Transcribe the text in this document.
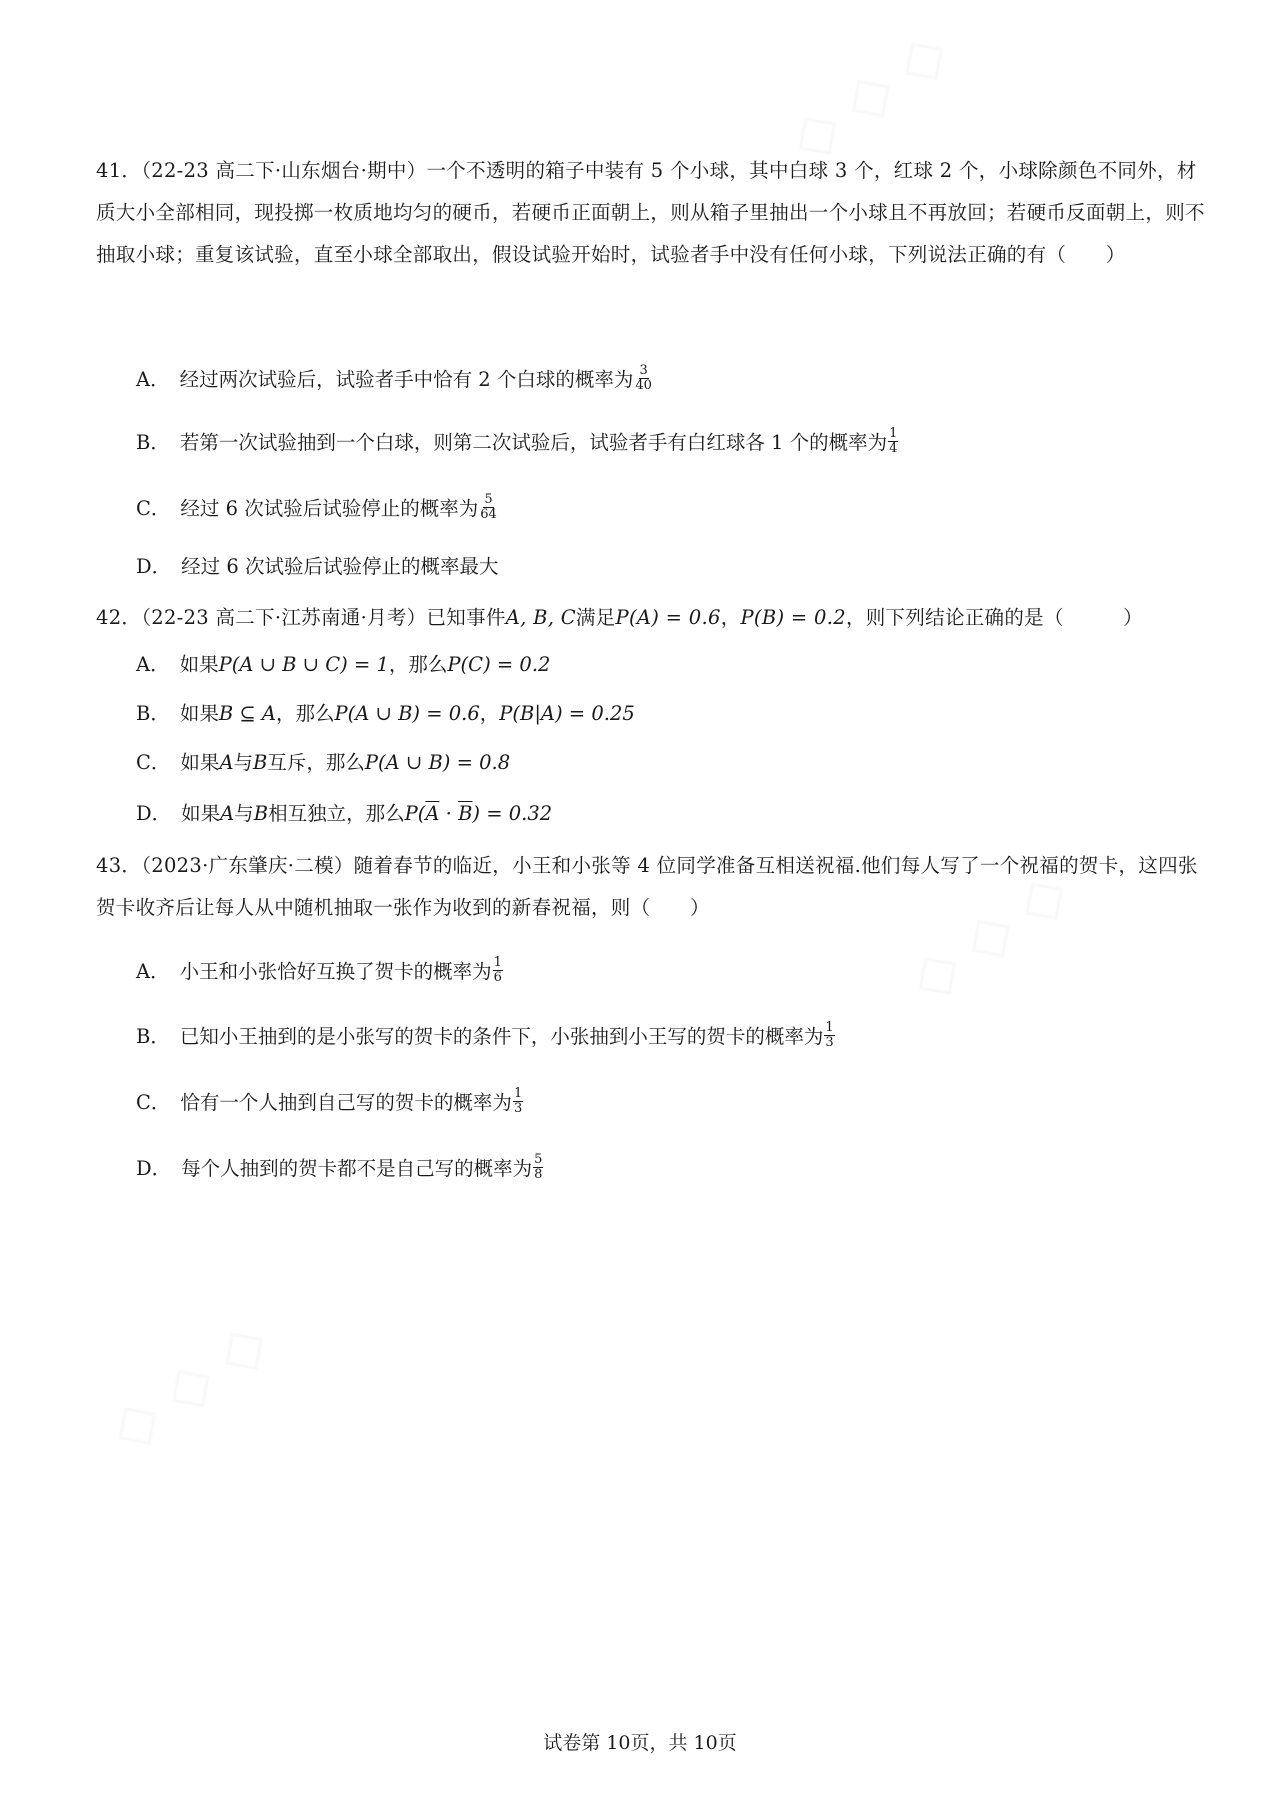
◇ ◇ ◇
◇ ◇ ◇
◇ ◇ ◇
41．（22-23 高二下·山东烟台·期中）一个不透明的箱子中装有 5 个小球，其中白球 3 个，红球 2 个，小球除颜色不同外，材质大小全部相同，现投掷一枚质地均匀的硬币，若硬币正面朝上，则从箱子里抽出一个小球且不再放回；若硬币反面朝上，则不抽取小球；重复该试验，直至小球全部取出，假设试验开始时，试验者手中没有任何小球，下列说法正确的有（　　）
A． 经过两次试验后，试验者手中恰有 2 个白球的概率为 $\frac{3}{40}$
B． 若第一次试验抽到一个白球，则第二次试验后，试验者手有白红球各 1 个的概率为 $\frac{1}{4}$
C． 经过 6 次试验后试验停止的概率为 $\frac{5}{64}$
D． 经过 6 次试验后试验停止的概率最大
42．（22-23 高二下·江苏南通·月考）已知事件A, B, C满足P(A) = 0.6，P(B) = 0.2，则下列结论正确的是（　　　）
A． 如果P(A ∪ B ∪ C) = 1，那么P(C) = 0.2
B． 如果B ⊆ A，那么P(A ∪ B) = 0.6，P(B|A) = 0.25
C． 如果A与B互斥，那么P(A ∪ B) = 0.8
D． 如果A与B相互独立，那么$P(\overline{A} \cdot \overline{B}) = 0.32$
43．（2023·广东肇庆·二模）随着春节的临近，小王和小张等 4 位同学准备互相送祝福.他们每人写了一个祝福的贺卡，这四张贺卡收齐后让每人从中随机抽取一张作为收到的新春祝福，则（　　）
A． 小王和小张恰好互换了贺卡的概率为 $\frac{1}{6}$
B． 已知小王抽到的是小张写的贺卡的条件下，小张抽到小王写的贺卡的概率为 $\frac{1}{3}$
C． 恰有一个人抽到自己写的贺卡的概率为 $\frac{1}{3}$
D． 每个人抽到的贺卡都不是自己写的概率为 $\frac{5}{8}$
试卷第 10页，共 10页
